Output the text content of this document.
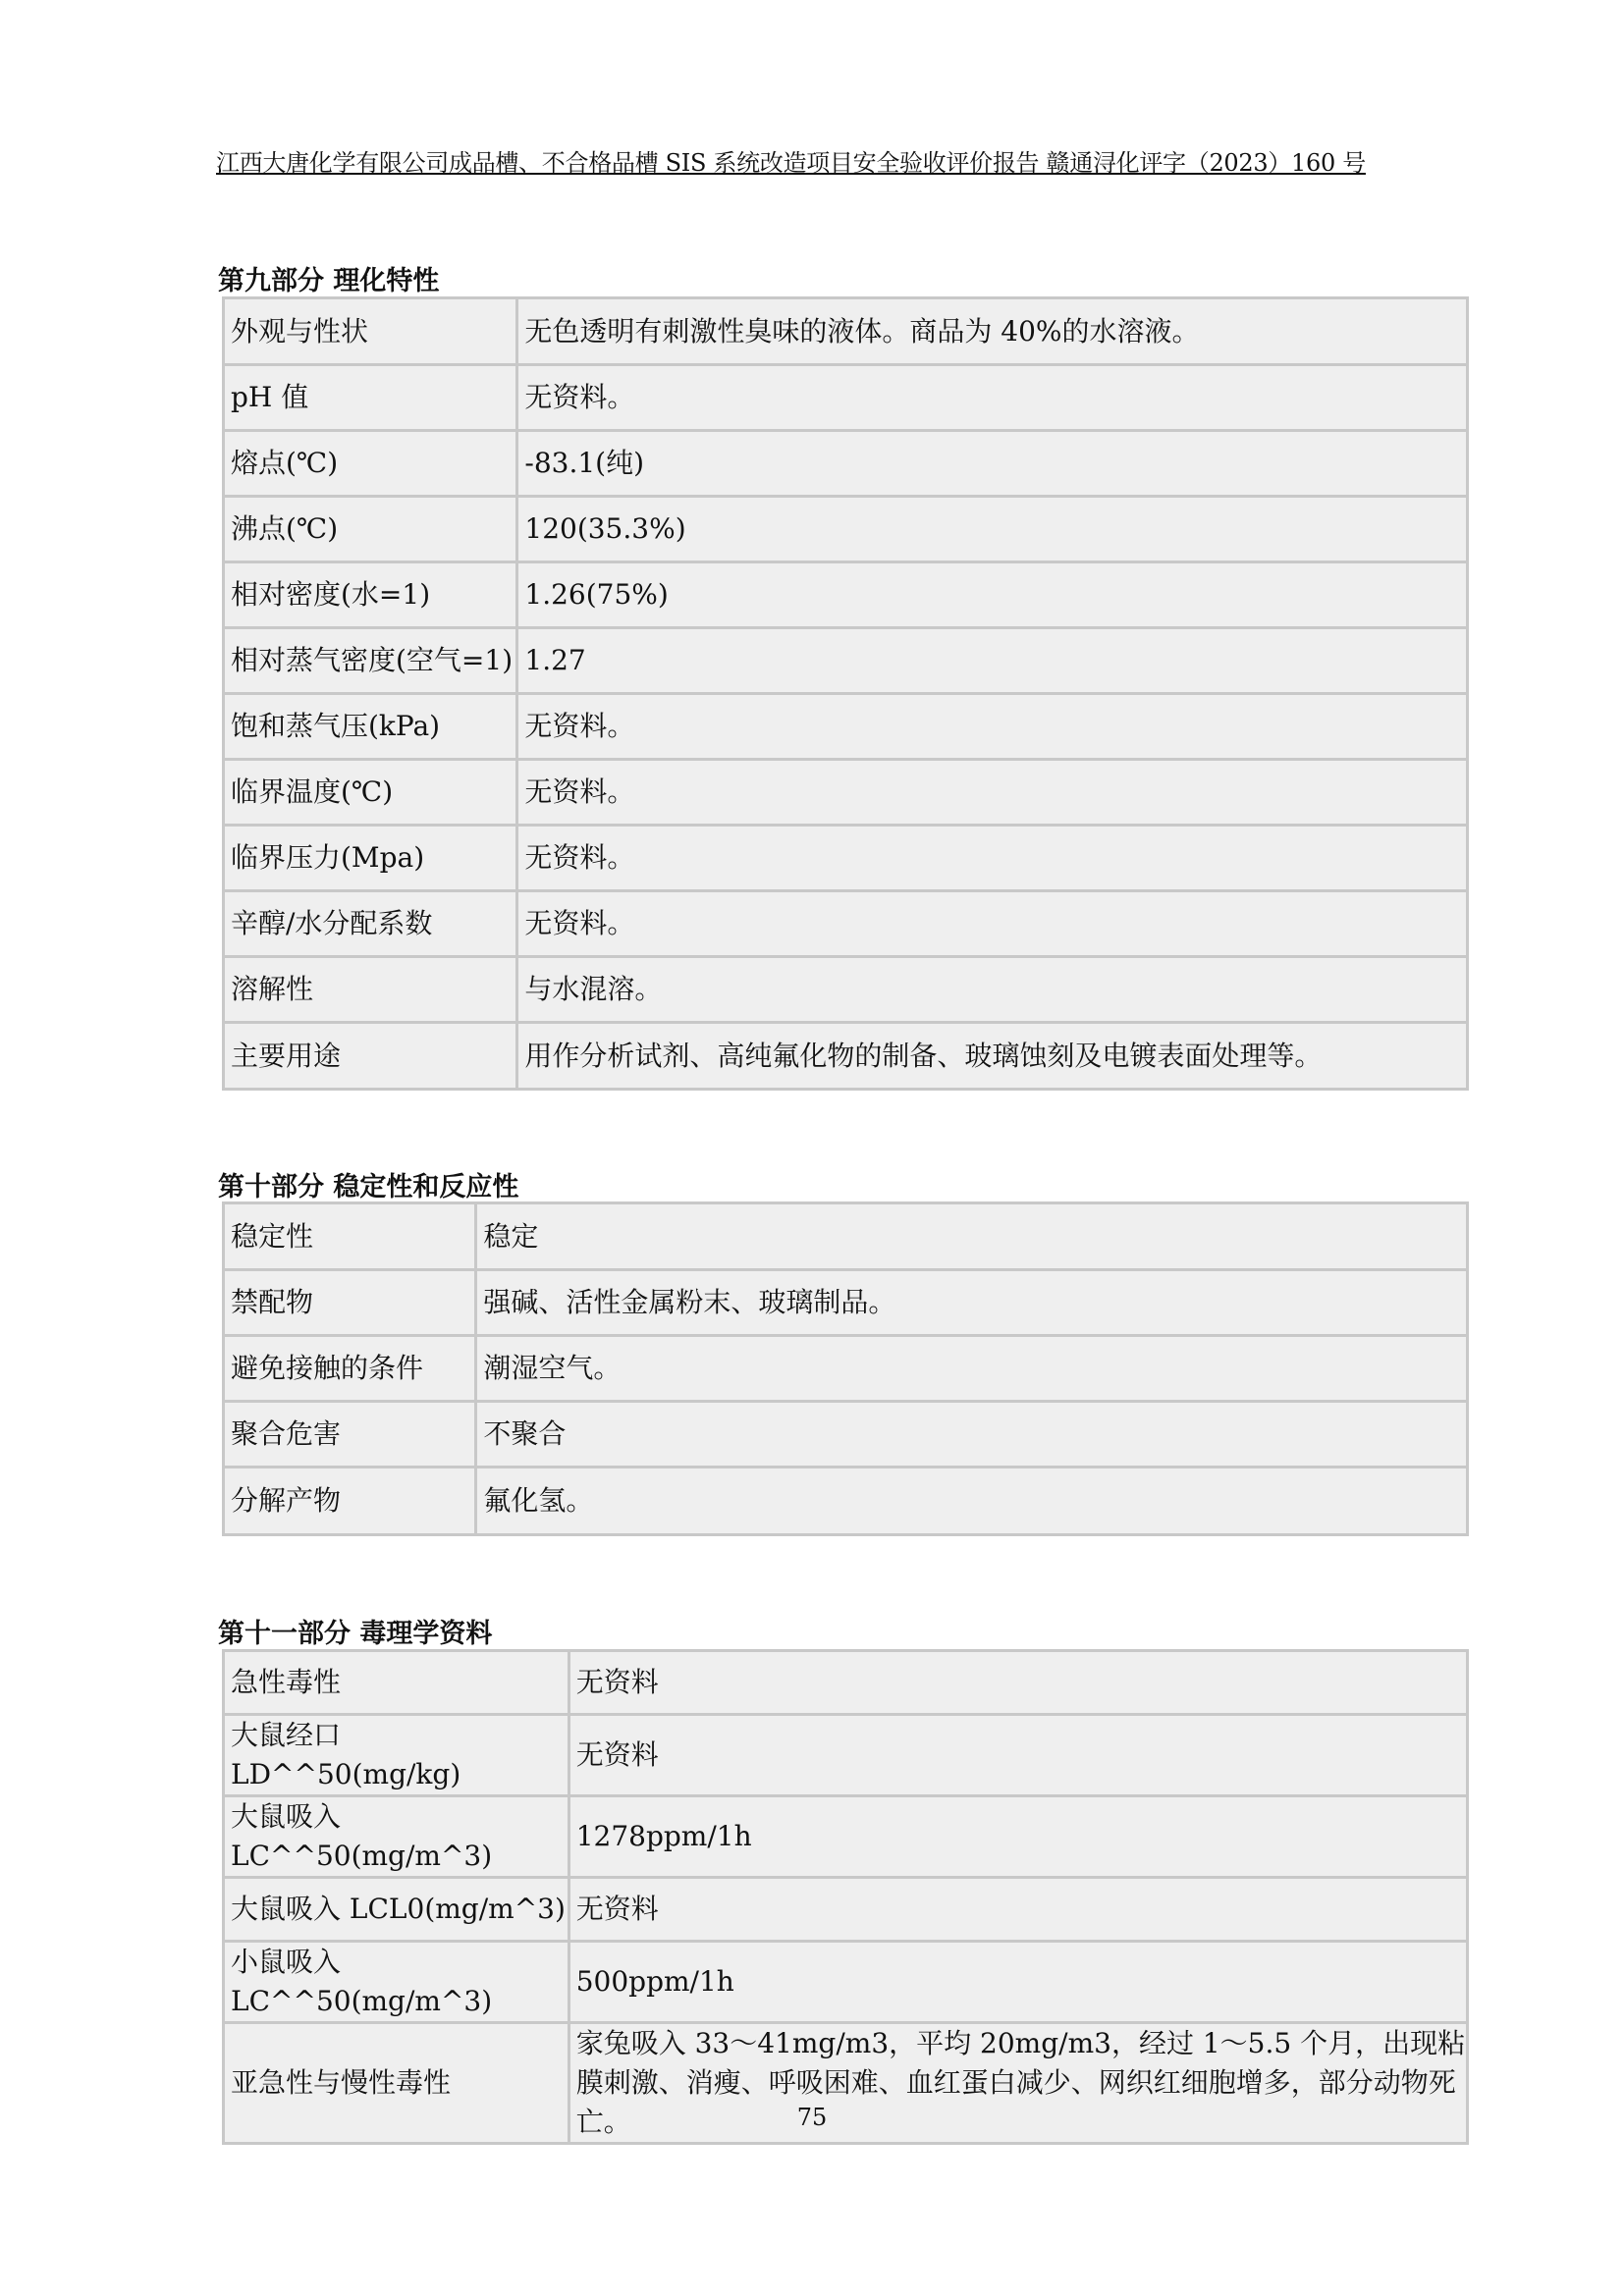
江西大唐化学有限公司成品槽、不合格品槽 SIS 系统改造项目安全验收评价报告 赣通浔化评字（2023）160 号
第九部分 理化特性
外观与性状	无色透明有刺激性臭味的液体。商品为 40%的水溶液。
pH 值	无资料。
熔点(℃)	-83.1(纯)
沸点(℃)	120(35.3%)
相对密度(水=1)	1.26(75%)
相对蒸气密度(空气=1)	1.27
饱和蒸气压(kPa)	无资料。
临界温度(℃)	无资料。
临界压力(Mpa)	无资料。
辛醇/水分配系数	无资料。
溶解性	与水混溶。
主要用途	用作分析试剂、高纯氟化物的制备、玻璃蚀刻及电镀表面处理等。
第十部分 稳定性和反应性
稳定性	稳定
禁配物	强碱、活性金属粉末、玻璃制品。
避免接触的条件	潮湿空气。
聚合危害	不聚合
分解产物	氟化氢。
第十一部分 毒理学资料
急性毒性	无资料
大鼠经口 LD^^50(mg/kg)	无资料
大鼠吸入 LC^^50(mg/m^3)	1278ppm/1h
大鼠吸入 LCL0(mg/m^3)	无资料
小鼠吸入 LC^^50(mg/m^3)	500ppm/1h
亚急性与慢性毒性	家兔吸入 33～41mg/m3，平均 20mg/m3，经过 1～5.5 个月，出现粘膜刺激、消瘦、呼吸困难、血红蛋白减少、网织红细胞增多，部分动物死亡。	75
